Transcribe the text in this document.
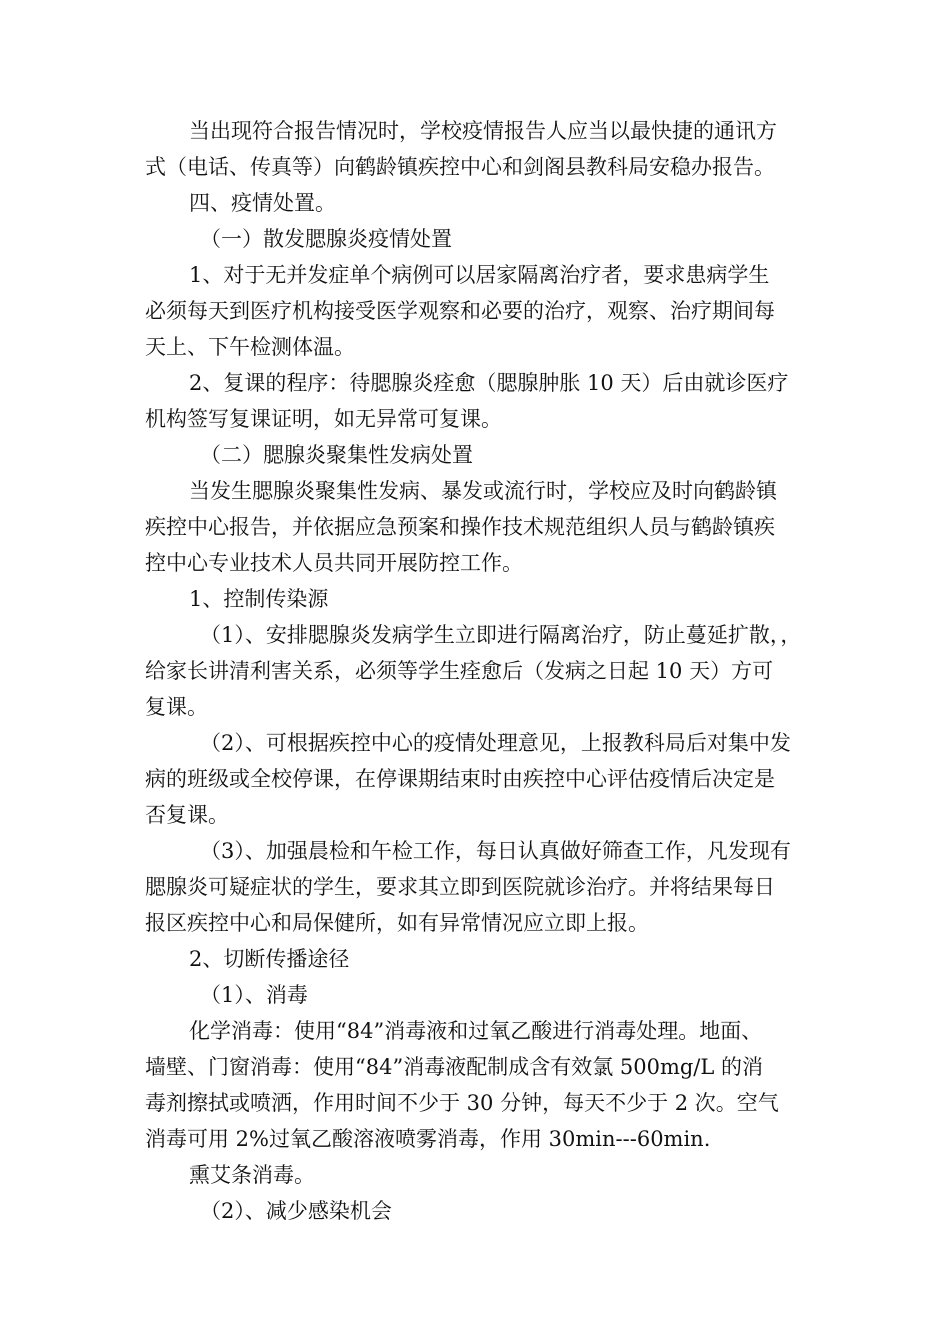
当出现符合报告情况时，学校疫情报告人应当以最快捷的通讯方
式（电话、传真等）向鹤龄镇疾控中心和剑阁县教科局安稳办报告。
四、疫情处置。
（一）散发腮腺炎疫情处置
1、对于无并发症单个病例可以居家隔离治疗者，要求患病学生
必须每天到医疗机构接受医学观察和必要的治疗，观察、治疗期间每
天上、下午检测体温。
2、复课的程序：待腮腺炎痊愈（腮腺肿胀 10 天）后由就诊医疗
机构签写复课证明，如无异常可复课。
（二）腮腺炎聚集性发病处置
当发生腮腺炎聚集性发病、暴发或流行时，学校应及时向鹤龄镇
疾控中心报告，并依据应急预案和操作技术规范组织人员与鹤龄镇疾
控中心专业技术人员共同开展防控工作。
1、控制传染源
（1）、安排腮腺炎发病学生立即进行隔离治疗，防止蔓延扩散，，
给家长讲清利害关系，必须等学生痊愈后（发病之日起 10 天）方可
复课。
（2）、可根据疾控中心的疫情处理意见，上报教科局后对集中发
病的班级或全校停课，在停课期结束时由疾控中心评估疫情后决定是
否复课。
（3）、加强晨检和午检工作，每日认真做好筛查工作，凡发现有
腮腺炎可疑症状的学生，要求其立即到医院就诊治疗。并将结果每日
报区疾控中心和局保健所，如有异常情况应立即上报。
2、切断传播途径
（1）、消毒
化学消毒：使用“84”消毒液和过氧乙酸进行消毒处理。地面、
墙壁、门窗消毒：使用“84”消毒液配制成含有效氯 500mg/L 的消
毒剂擦拭或喷洒，作用时间不少于 30 分钟，每天不少于 2 次。空气
消毒可用 2%过氧乙酸溶液喷雾消毒，作用 30min---60min.
熏艾条消毒。
（2）、减少感染机会
